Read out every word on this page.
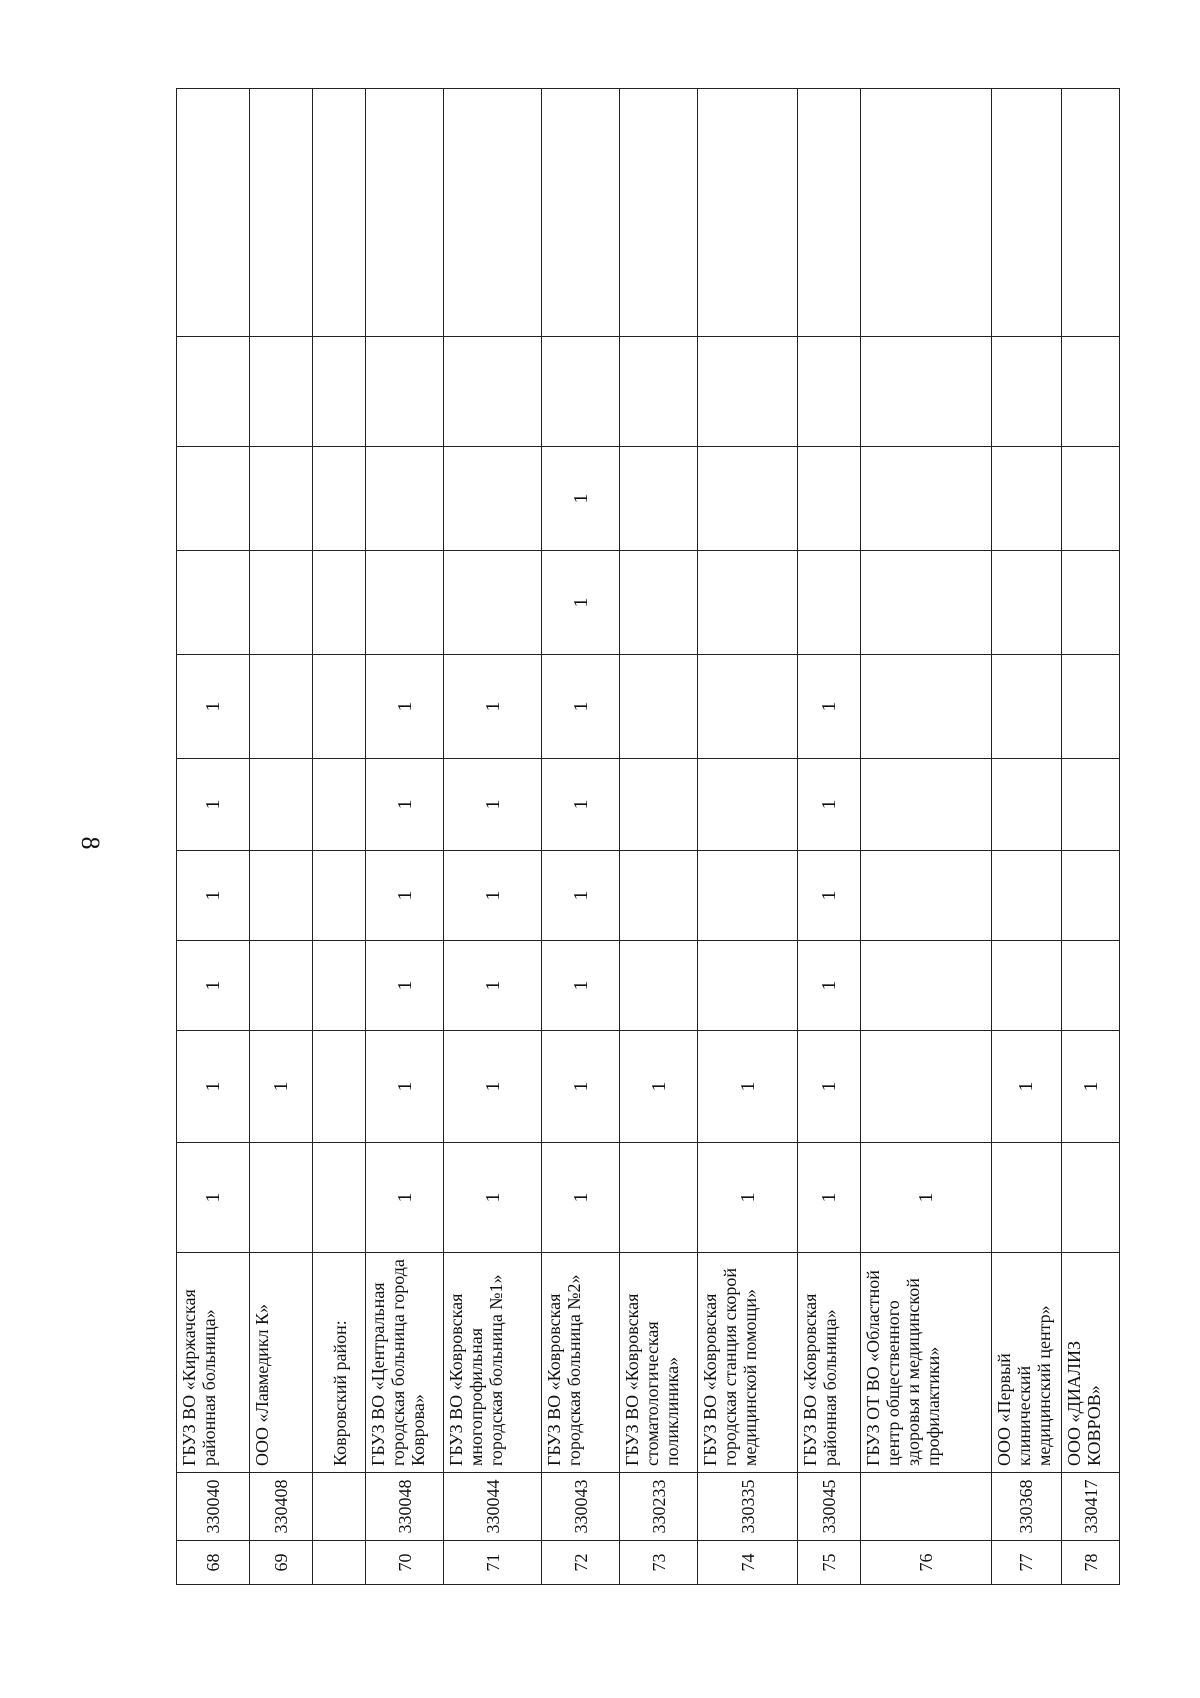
8
68	330040	ГБУЗ ВО «Киржачская районная больница»	1	1	1	1	1	1				
69	330408	ООО «Лавмедикл К»		1								
		Ковровский район:										
70	330048	ГБУЗ ВО «Центральная городская больница города Коврова»	1	1	1	1	1	1				
71	330044	ГБУЗ ВО «Ковровская многопрофильная городская больница №1»	1	1	1	1	1	1				
72	330043	ГБУЗ ВО «Ковровская городская больница №2»	1	1	1	1	1	1	1	1		
73	330233	ГБУЗ ВО «Ковровская стоматологическая поликлиника»		1								
74	330335	ГБУЗ ВО «Ковровская городская станция скорой медицинской помощи»	1	1								
75	330045	ГБУЗ ВО «Ковровская районная больница»	1	1	1	1	1	1				
76		ГБУЗ ОТ ВО «Областной центр общественного здоровья и медицинской профилактики»	1									
77	330368	ООО «Первый клинический медицинский центр»		1								
78	330417	ООО «ДИАЛИЗ КОВРОВ»		1								
